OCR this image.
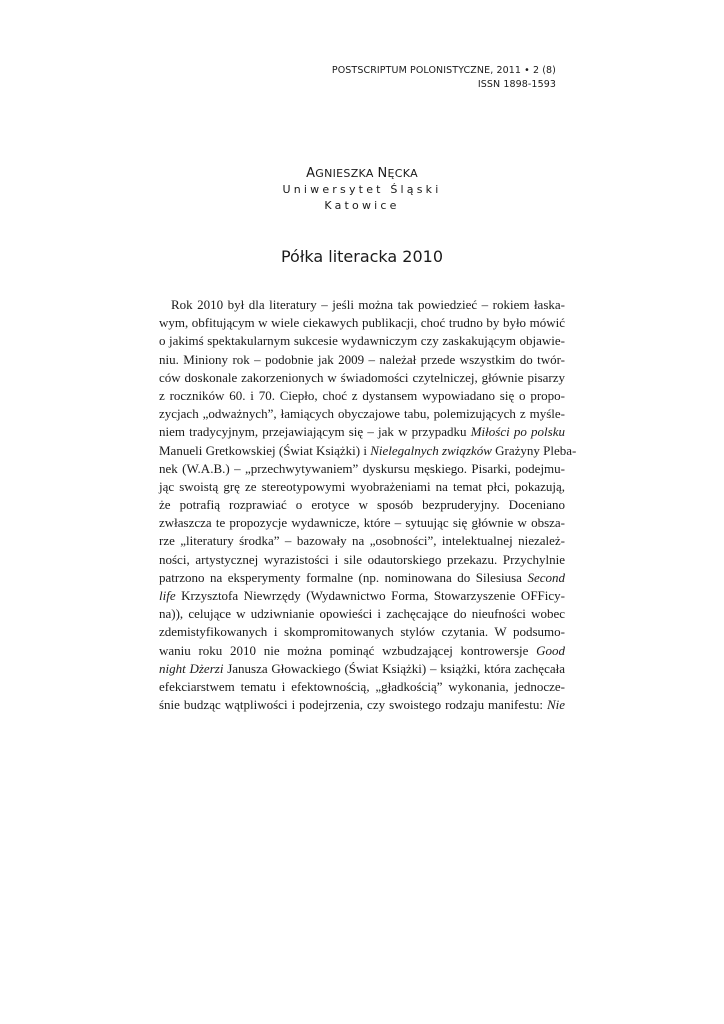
POSTSCRIPTUM POLONISTYCZNE, 2011 • 2 (8)
ISSN 1898-1593
AGNIESZKA NĘCKA
Uniwersytet Śląski
Katowice
Półka literacka 2010
Rok 2010 był dla literatury – jeśli można tak powiedzieć – rokiem łaska-
wym, obfitującym w wiele ciekawych publikacji, choć trudno by było mówić
o jakimś spektakularnym sukcesie wydawniczym czy zaskakującym objawie-
niu. Miniony rok – podobnie jak 2009 – należał przede wszystkim do twór-
ców doskonale zakorzenionych w świadomości czytelniczej, głównie pisarzy
z roczników 60. i 70. Ciepło, choć z dystansem wypowiadano się o propo-
zycjach „odważnych”, łamiących obyczajowe tabu, polemizujących z myśle-
niem tradycyjnym, przejawiającym się – jak w przypadku Miłości po polsku
Manueli Gretkowskiej (Świat Książki) i Nielegalnych związków Grażyny Pleba-
nek (W.A.B.) – „przechwytywaniem” dyskursu męskiego. Pisarki, podejmu-
jąc swoistą grę ze stereotypowymi wyobrażeniami na temat płci, pokazują,
że potrafią rozprawiać o erotyce w sposób bezpruderyjny. Doceniano
zwłaszcza te propozycje wydawnicze, które – sytuując się głównie w obsza-
rze „literatury środka” – bazowały na „osobności”, intelektualnej niezależ-
ności, artystycznej wyrazistości i sile odautorskiego przekazu. Przychylnie
patrzono na eksperymenty formalne (np. nominowana do Silesiusa Second
life Krzysztofa Niewrzędy (Wydawnictwo Forma, Stowarzyszenie OFFicy-
na)), celujące w udziwnianie opowieści i zachęcające do nieufności wobec
zdemistyfikowanych i skompromitowanych stylów czytania. W podsumo-
waniu roku 2010 nie można pominąć wzbudzającej kontrowersje Good
night Dżerzi Janusza Głowackiego (Świat Książki) – książki, która zachęcała
efekciarstwem tematu i efektownością, „gładkością” wykonania, jednocze-
śnie budząc wątpliwości i podejrzenia, czy swoistego rodzaju manifestu: Nie
